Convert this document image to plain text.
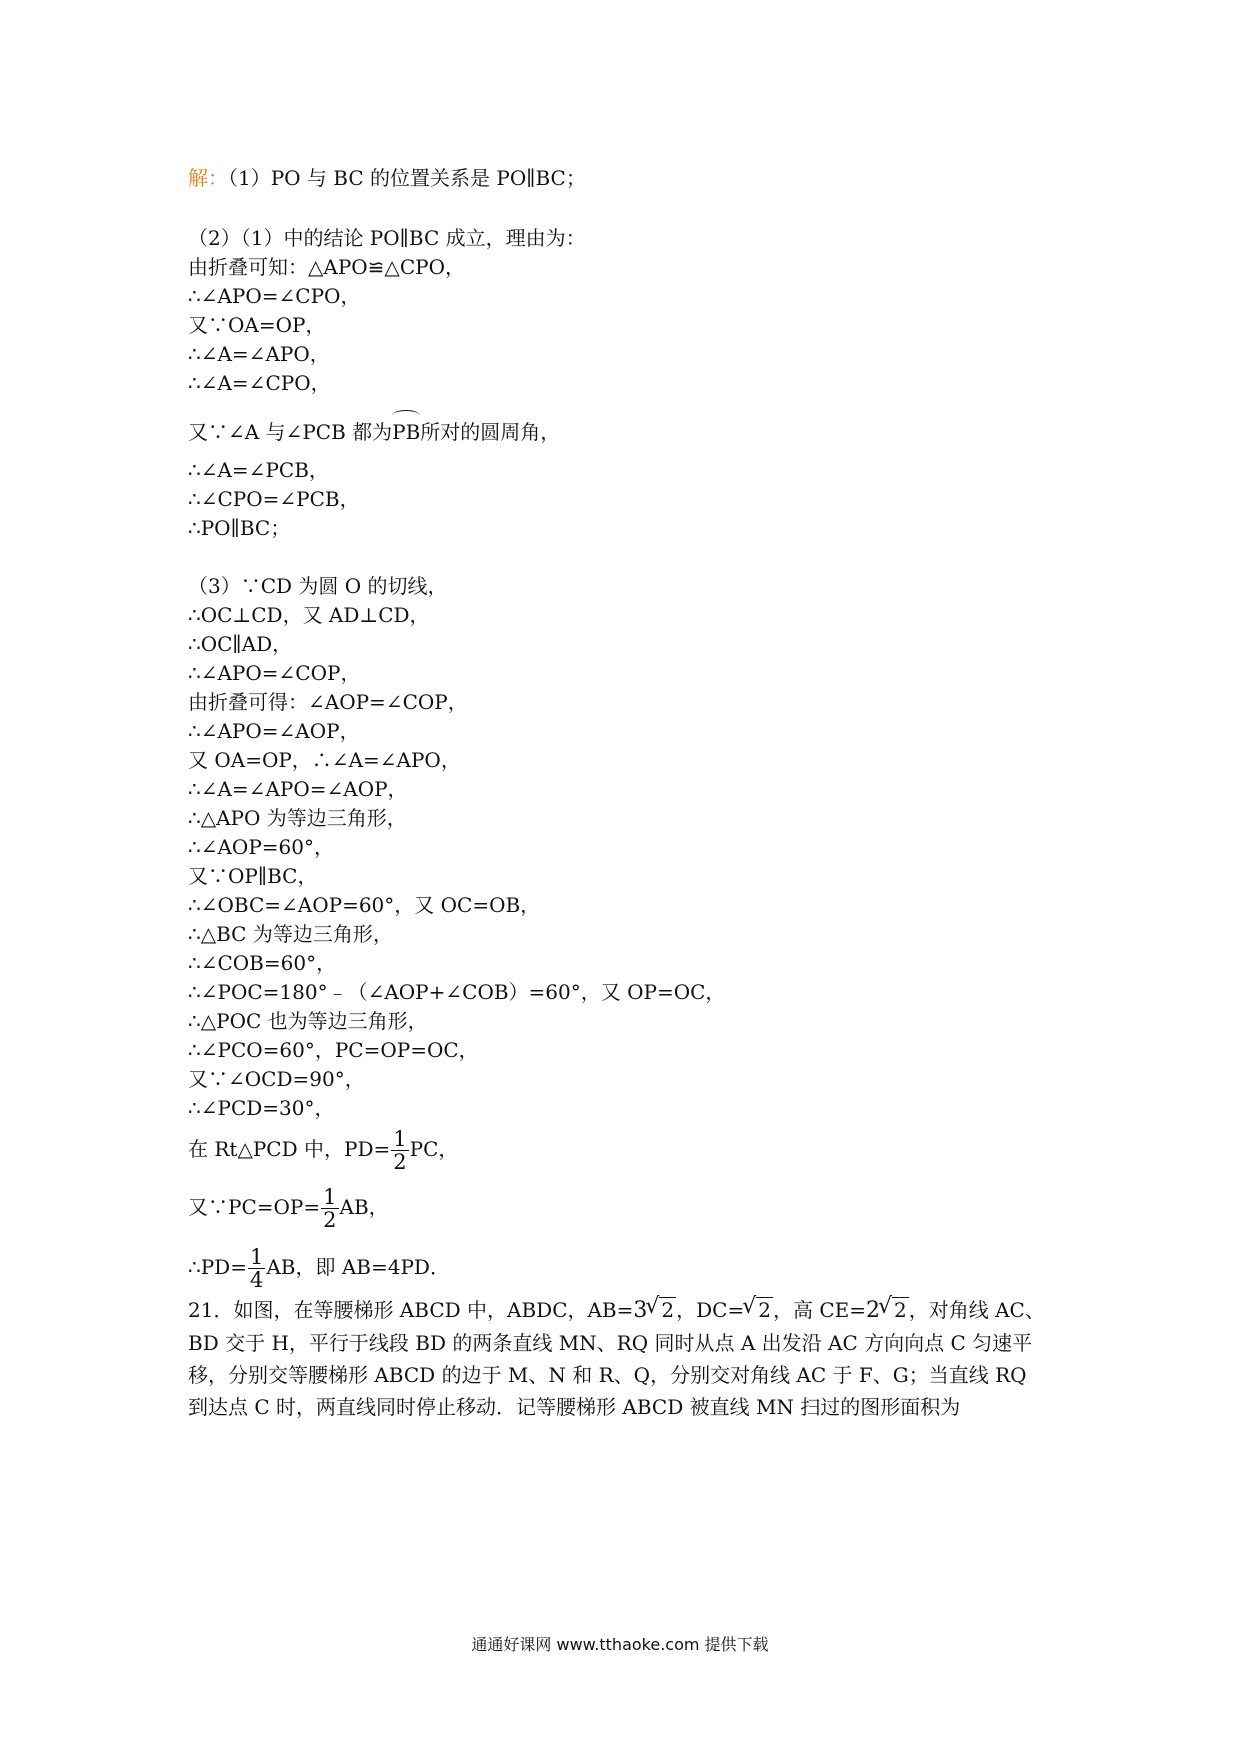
解：（1）PO 与 BC 的位置关系是 PO∥BC；
（2）（1）中的结论 PO∥BC 成立，理由为：
由折叠可知：△APO≌△CPO，
∴∠APO=∠CPO，
又∵OA=OP，
∴∠A=∠APO，
∴∠A=∠CPO，
又∵∠A 与∠PCB 都为PB所对的圆周角，
∴∠A=∠PCB，
∴∠CPO=∠PCB，
∴PO∥BC；
（3）∵CD 为圆 O 的切线，
∴OC⊥CD，又 AD⊥CD，
∴OC∥AD，
∴∠APO=∠COP，
由折叠可得：∠AOP=∠COP，
∴∠APO=∠AOP，
又 OA=OP，∴∠A=∠APO，
∴∠A=∠APO=∠AOP，
∴△APO 为等边三角形，
∴∠AOP=60°，
又∵OP∥BC，
∴∠OBC=∠AOP=60°，又 OC=OB，
∴△BC 为等边三角形，
∴∠COB=60°，
∴∠POC=180°﹣（∠AOP+∠COB）=60°，又 OP=OC，
∴△POC 也为等边三角形，
∴∠PCO=60°，PC=OP=OC，
又∵∠OCD=90°，
∴∠PCD=30°，
在 Rt△PCD 中，$PD= \frac{1}{2}$ PC，
又∵PC=OP= $\frac{1}{2}$ AB，
∴PD= $\frac{1}{4}$ AB，即 AB=4PD．
21．如图，在等腰梯形 ABCD 中，ABDC，AB=3 √ 2 ，DC= √ 2 ，高 CE=2 √ 2 ，对角线 AC、BD 交于 H，平行于线段 BD 的两条直线 MN、RQ 同时从点 A 出发沿 AC 方向向点 C 匀速平移，分别交等腰梯形 ABCD 的边于 M、N 和 R、Q，分别交对角线 AC 于 F、G；当直线 RQ 到达点 C 时，两直线同时停止移动．记等腰梯形 ABCD 被直线 MN 扫过的图形面积为
通通好课网 www.tthaoke.com 提供下载
